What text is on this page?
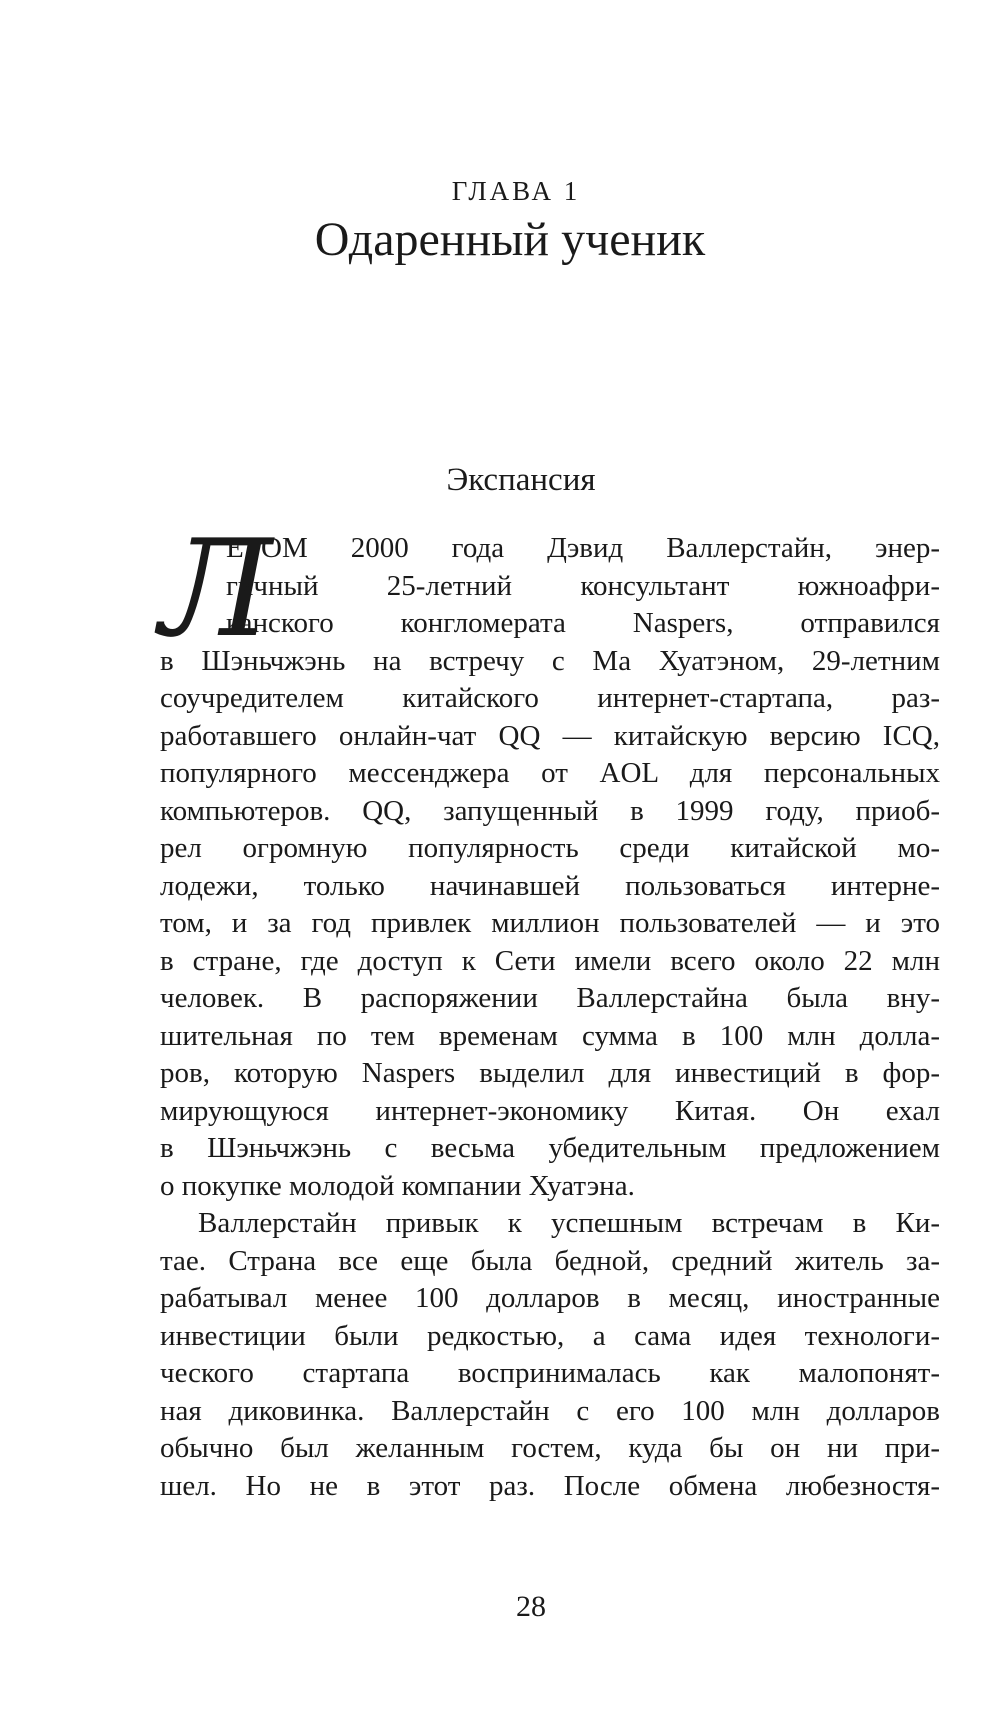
ГЛАВА 1
Одаренный ученик
Экспансия
Л
ЕТОМ 2000 года Дэвид Валлерстайн, энер-
гичный 25-летний консультант южноафри-
канского конгломерата Naspers, отправился
в Шэньчжэнь на встречу с Ма Хуатэном, 29-летним
соучредителем китайского интернет-стартапа, раз-
работавшего онлайн-чат QQ — китайскую версию ICQ,
популярного мессенджера от AOL для персональных
компьютеров. QQ, запущенный в 1999 году, приоб-
рел огромную популярность среди китайской мо-
лодежи, только начинавшей пользоваться интерне-
том, и за год привлек миллион пользователей — и это
в стране, где доступ к Сети имели всего около 22 млн
человек. В распоряжении Валлерстайна была вну-
шительная по тем временам сумма в 100 млн долла-
ров, которую Naspers выделил для инвестиций в фор-
мирующуюся интернет-экономику Китая. Он ехал
в Шэньчжэнь с весьма убедительным предложением
о покупке молодой компании Хуатэна.
Валлерстайн привык к успешным встречам в Ки-
тае. Страна все еще была бедной, средний житель за-
рабатывал менее 100 долларов в месяц, иностранные
инвестиции были редкостью, а сама идея технологи-
ческого стартапа воспринималась как малопонят-
ная диковинка. Валлерстайн с его 100 млн долларов
обычно был желанным гостем, куда бы он ни при-
шел. Но не в этот раз. После обмена любезностя-
28
